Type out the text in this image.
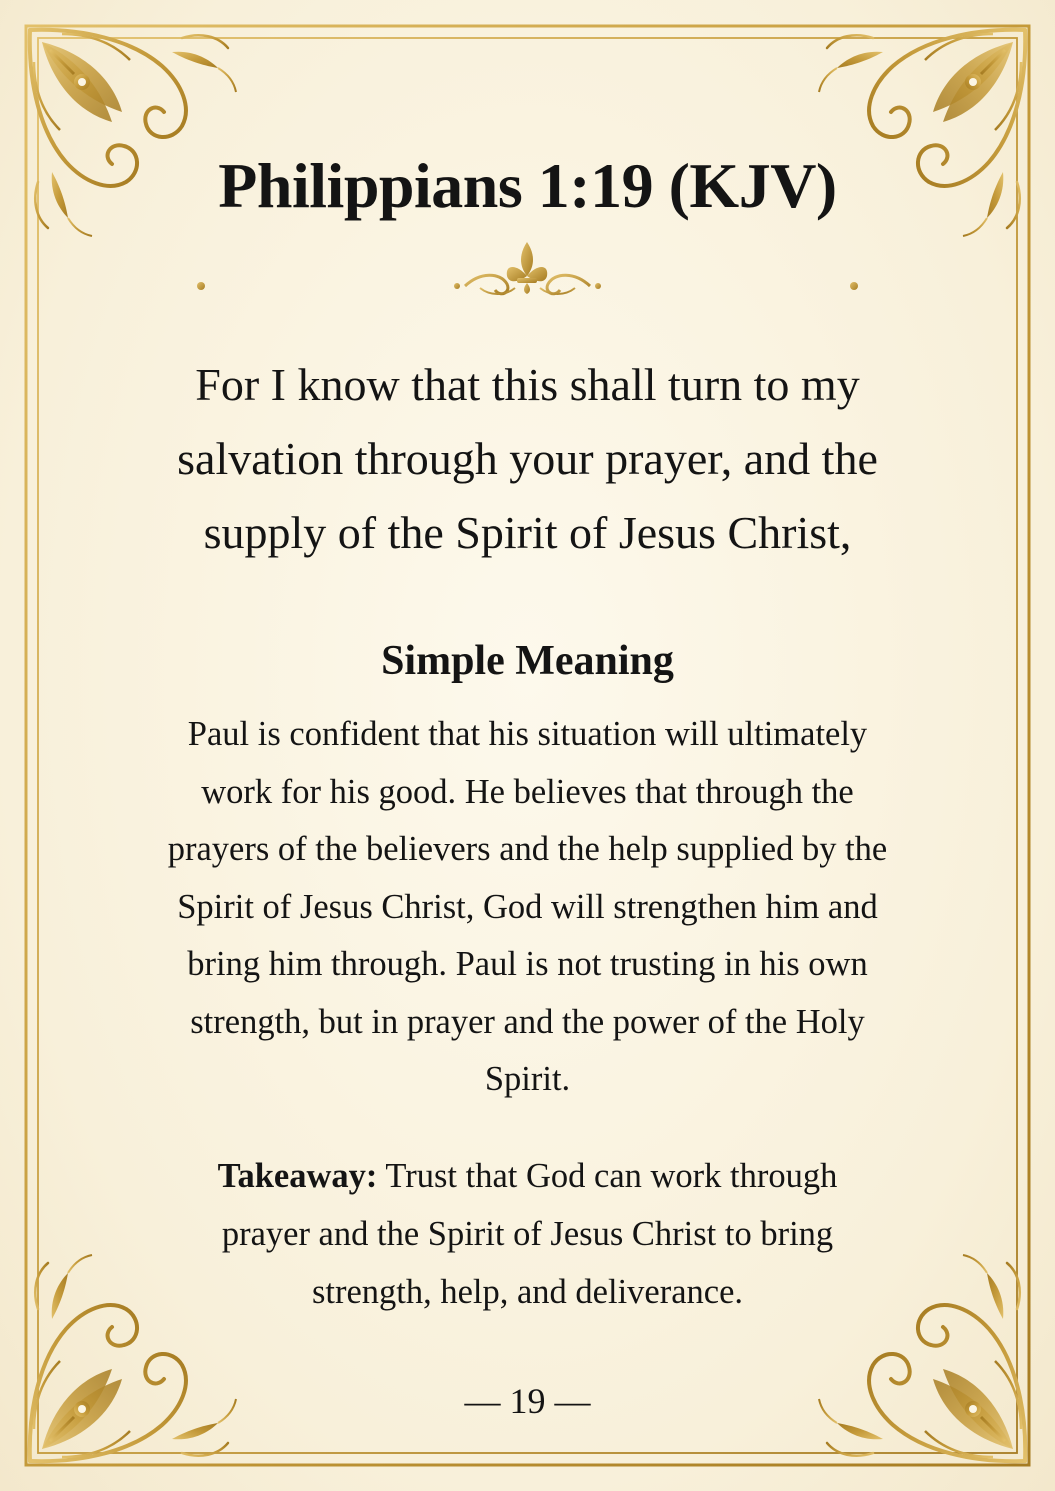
Philippians 1:19 (KJV)
For I know that this shall turn to my salvation through your prayer, and the supply of the Spirit of Jesus Christ,
Simple Meaning
Paul is confident that his situation will ultimately work for his good. He believes that through the prayers of the believers and the help supplied by the Spirit of Jesus Christ, God will strengthen him and bring him through. Paul is not trusting in his own strength, but in prayer and the power of the Holy Spirit.
Takeaway: Trust that God can work through prayer and the Spirit of Jesus Christ to bring strength, help, and deliverance.
— 19 —
